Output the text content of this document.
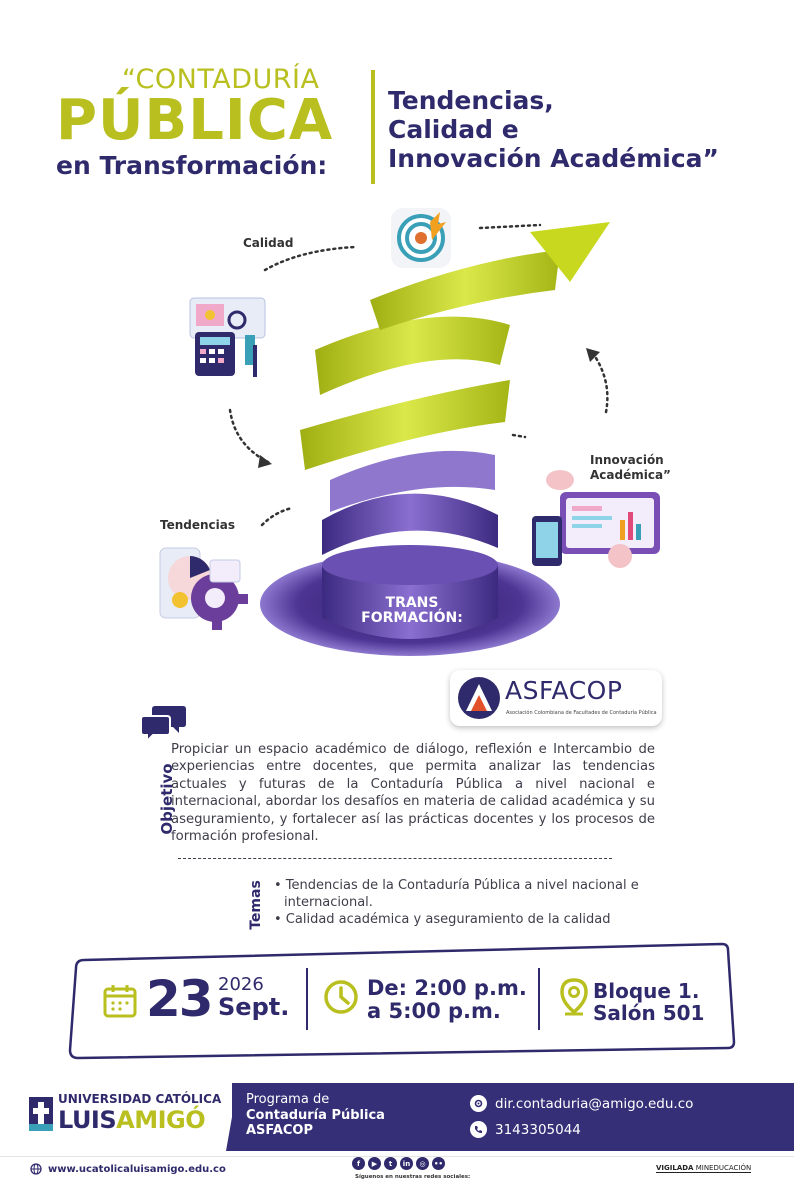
“CONTADURÍA
PÚBLICA
en Transformación:
Tendencias,
Calidad e
Innovación Académica”
Calidad
Tendencias
Innovación
Académica”
TRANS
FORMACIÓN:
ASFACOP
Asociación Colombiana de Facultades de Contaduría Pública
Objetivo

Propiciar un espacio académico de diálogo, reflexión e Intercambio de experiencias entre docentes, que permita analizar las tendencias actuales y futuras de la Contaduría Pública a nivel nacional e internacional, abordar los desafíos en materia de calidad académica y su aseguramiento, y fortalecer así las prácticas docentes y los procesos de formación profesional.

Temas • Tendencias de la Contaduría Pública a nivel nacional e internacional.
• Calidad académica y aseguramiento de la calidad
23 2026
Sept.
De: 2:00 p.m.
a 5:00 p.m.
Bloque 1.
Salón 501
UNIVERSIDAD CATÓLICA
LUISAMIGÓ
Programa de
Contaduría Pública
ASFACOP
dir.contaduria@amigo.edu.co
3143305044
www.ucatolicaluisamigo.edu.co	f	▶	t	in	◎	••
Síguenos en nuestras redes sociales:
VIGILADA MINEDUCACIÓN
